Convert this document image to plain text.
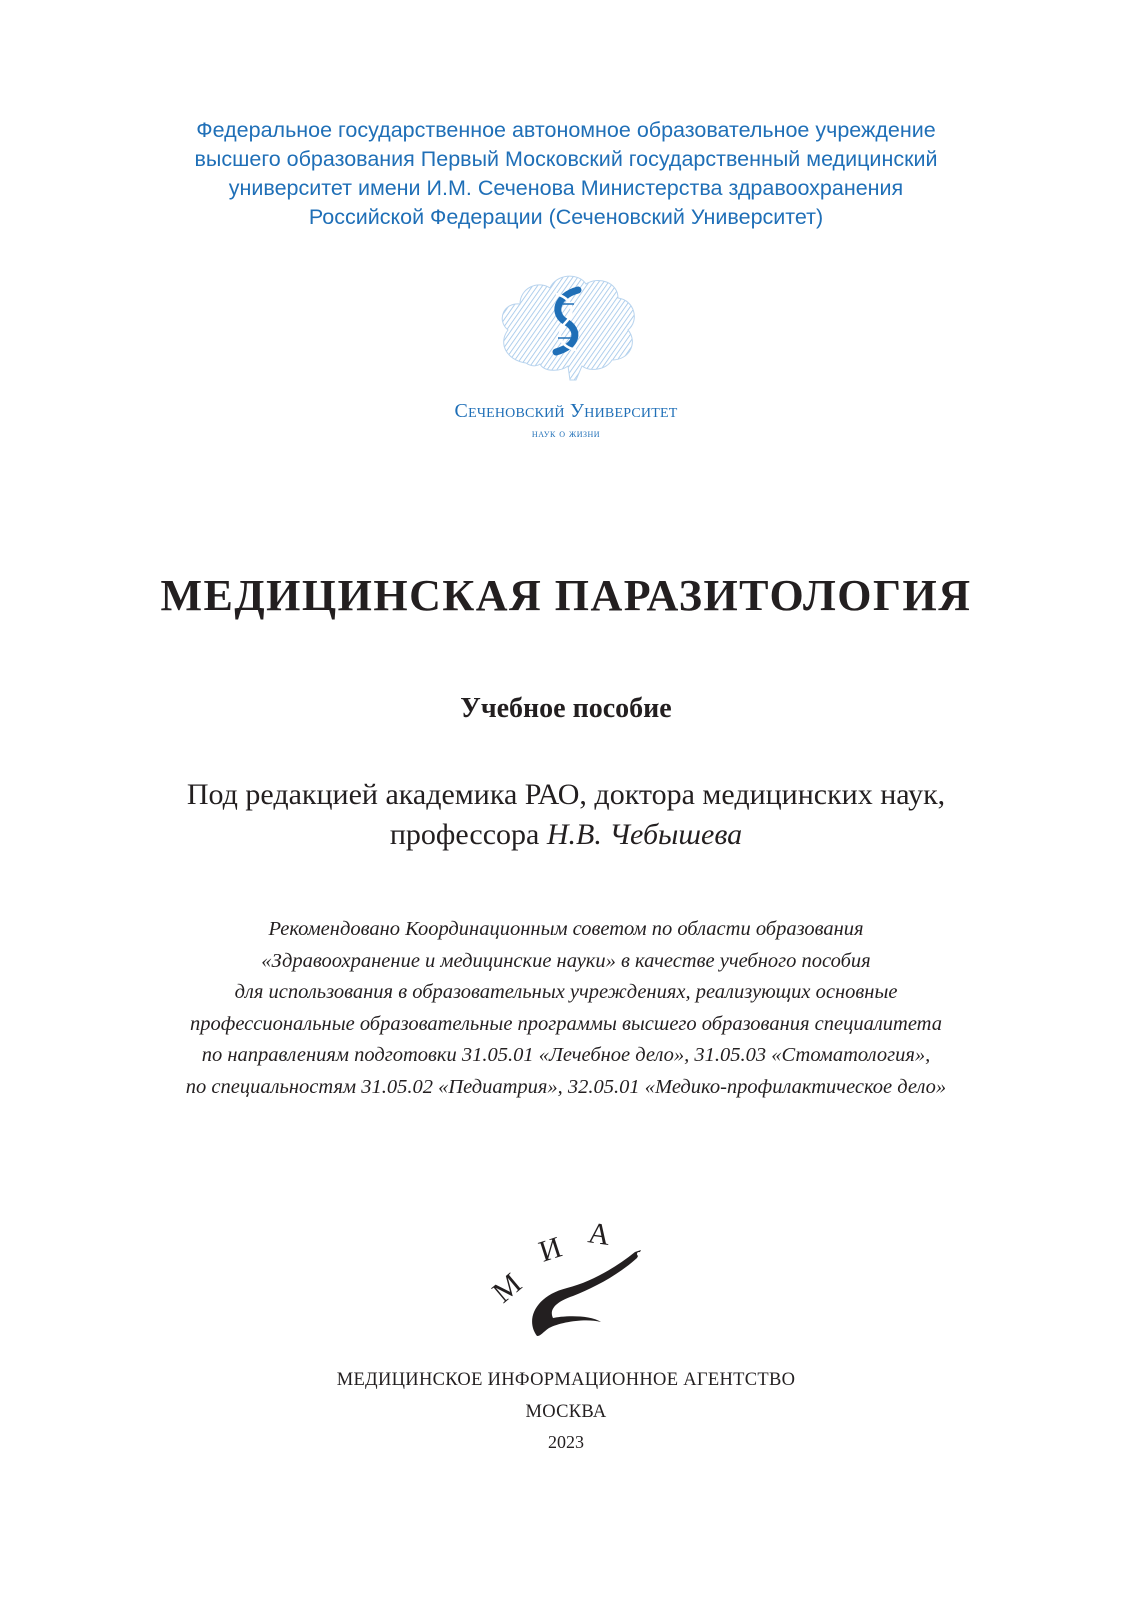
Федеральное государственное автономное образовательное учреждение
высшего образования Первый Московский государственный медицинский
университет имени И.М. Сеченова Министерства здравоохранения
Российской Федерации (Сеченовский Университет)
Сеченовский Университет
наук о жизни
МЕДИЦИНСКАЯ ПАРАЗИТОЛОГИЯ
Учебное пособие
Под редакцией академика РАО, доктора медицинских наук,
профессора Н.В. Чебышева
Рекомендовано Координационным советом по области образования
«Здравоохранение и медицинские науки» в качестве учебного пособия
для использования в образовательных учреждениях, реализующих основные
профессиональные образовательные программы высшего образования специалитета
по направлениям подготовки 31.05.01 «Лечебное дело», 31.05.03 «Стоматология»,
по специальностям 31.05.02 «Педиатрия», 32.05.01 «Медико-профилактическое дело»
М
И А
МЕДИЦИНСКОЕ ИНФОРМАЦИОННОЕ АГЕНТСТВО
МОСКВА
2023
